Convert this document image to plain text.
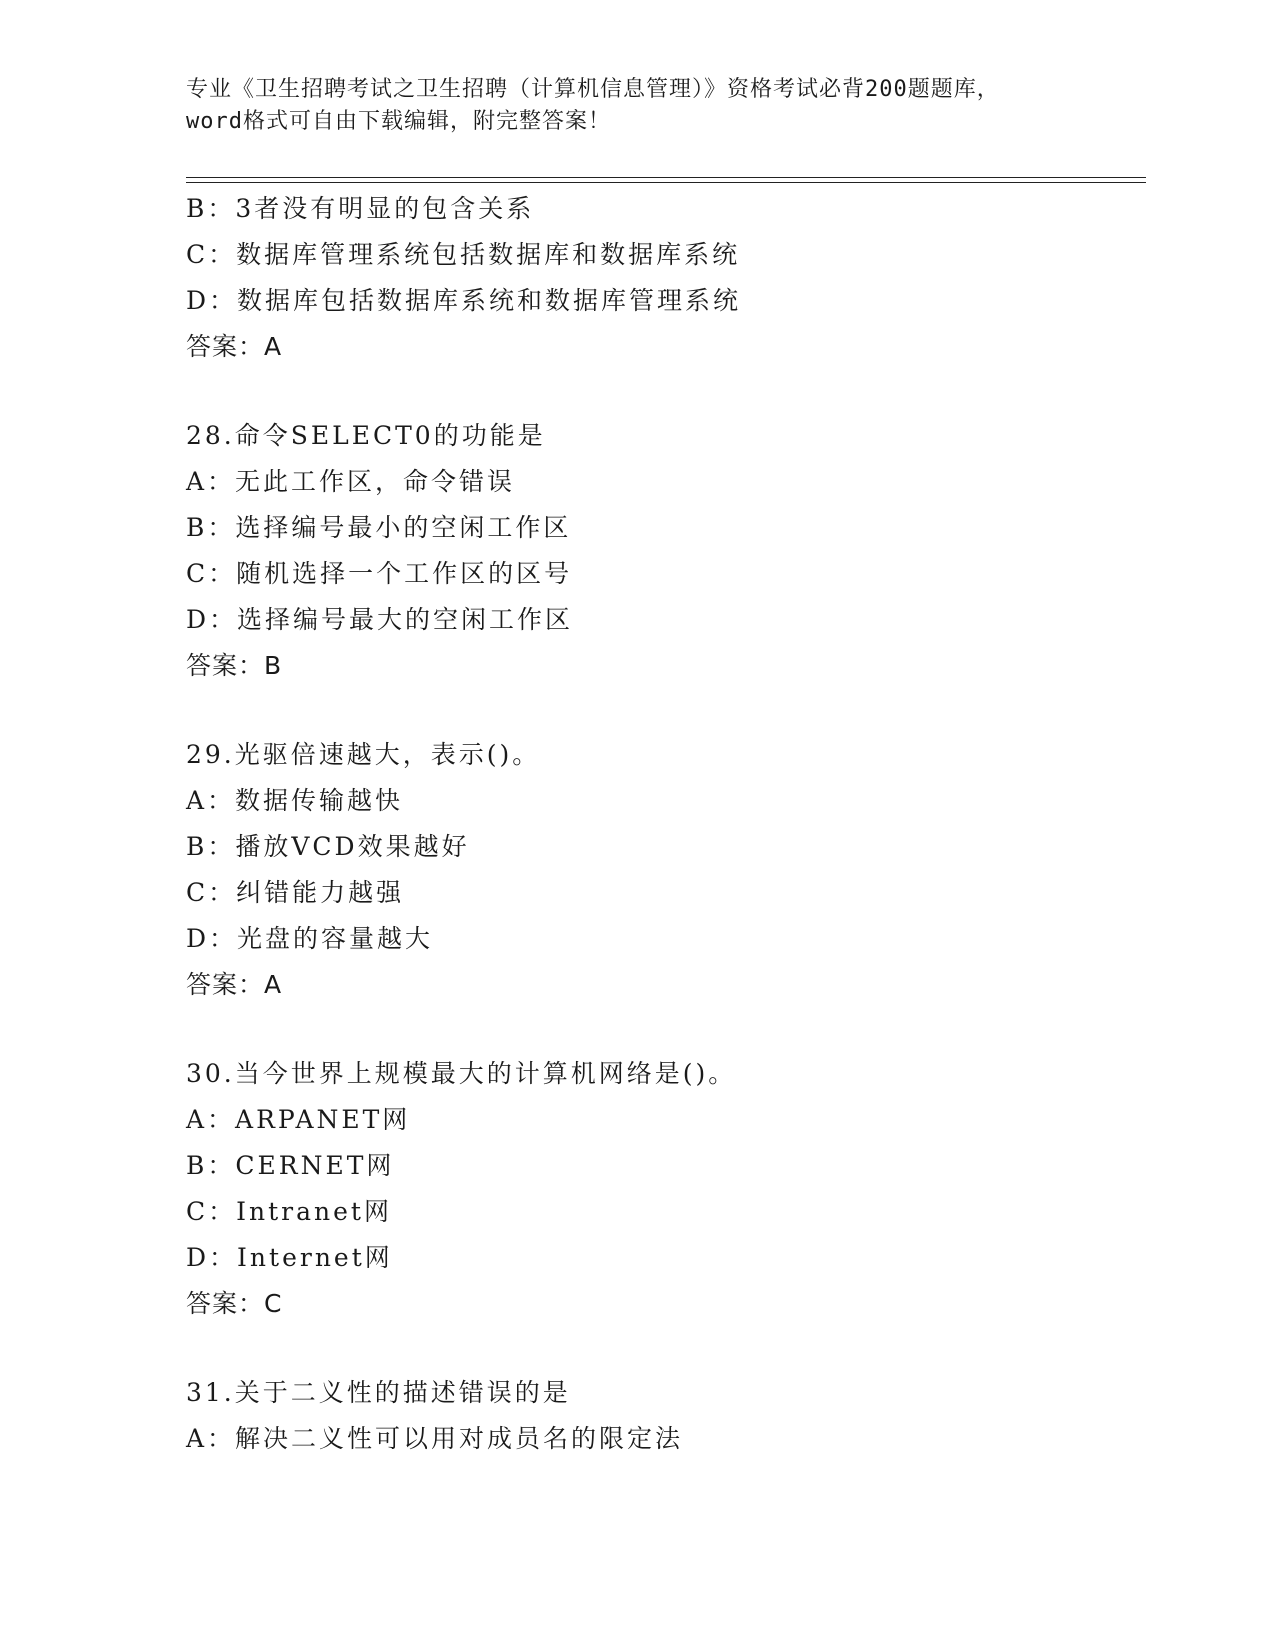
专业《卫生招聘考试之卫生招聘（计算机信息管理）》资格考试必背200题题库，
word格式可自由下载编辑，附完整答案！
B：3者没有明显的包含关系
C：数据库管理系统包括数据库和数据库系统
D：数据库包括数据库系统和数据库管理系统
答案：A
28.命令SELECT0的功能是
A：无此工作区，命令错误
B：选择编号最小的空闲工作区
C：随机选择一个工作区的区号
D：选择编号最大的空闲工作区
答案：B
29.光驱倍速越大，表示()。
A：数据传输越快
B：播放VCD效果越好
C：纠错能力越强
D：光盘的容量越大
答案：A
30.当今世界上规模最大的计算机网络是()。
A：ARPANET网
B：CERNET网
C：Intranet网
D：Internet网
答案：C
31.关于二义性的描述错误的是
A：解决二义性可以用对成员名的限定法
